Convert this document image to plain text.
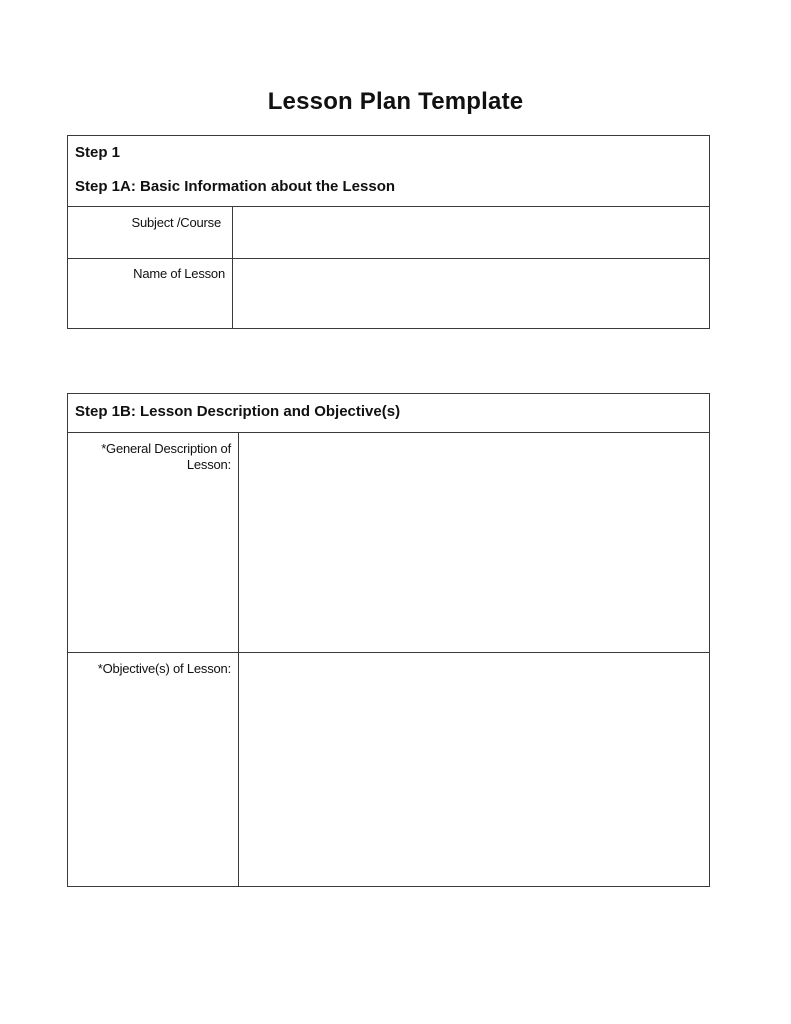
Lesson Plan Template
Step 1
Step 1A: Basic Information about the Lesson
Subject /Course
Name of Lesson
Step 1B: Lesson Description and Objective(s)
*General Description of
Lesson:
*Objective(s) of Lesson:
